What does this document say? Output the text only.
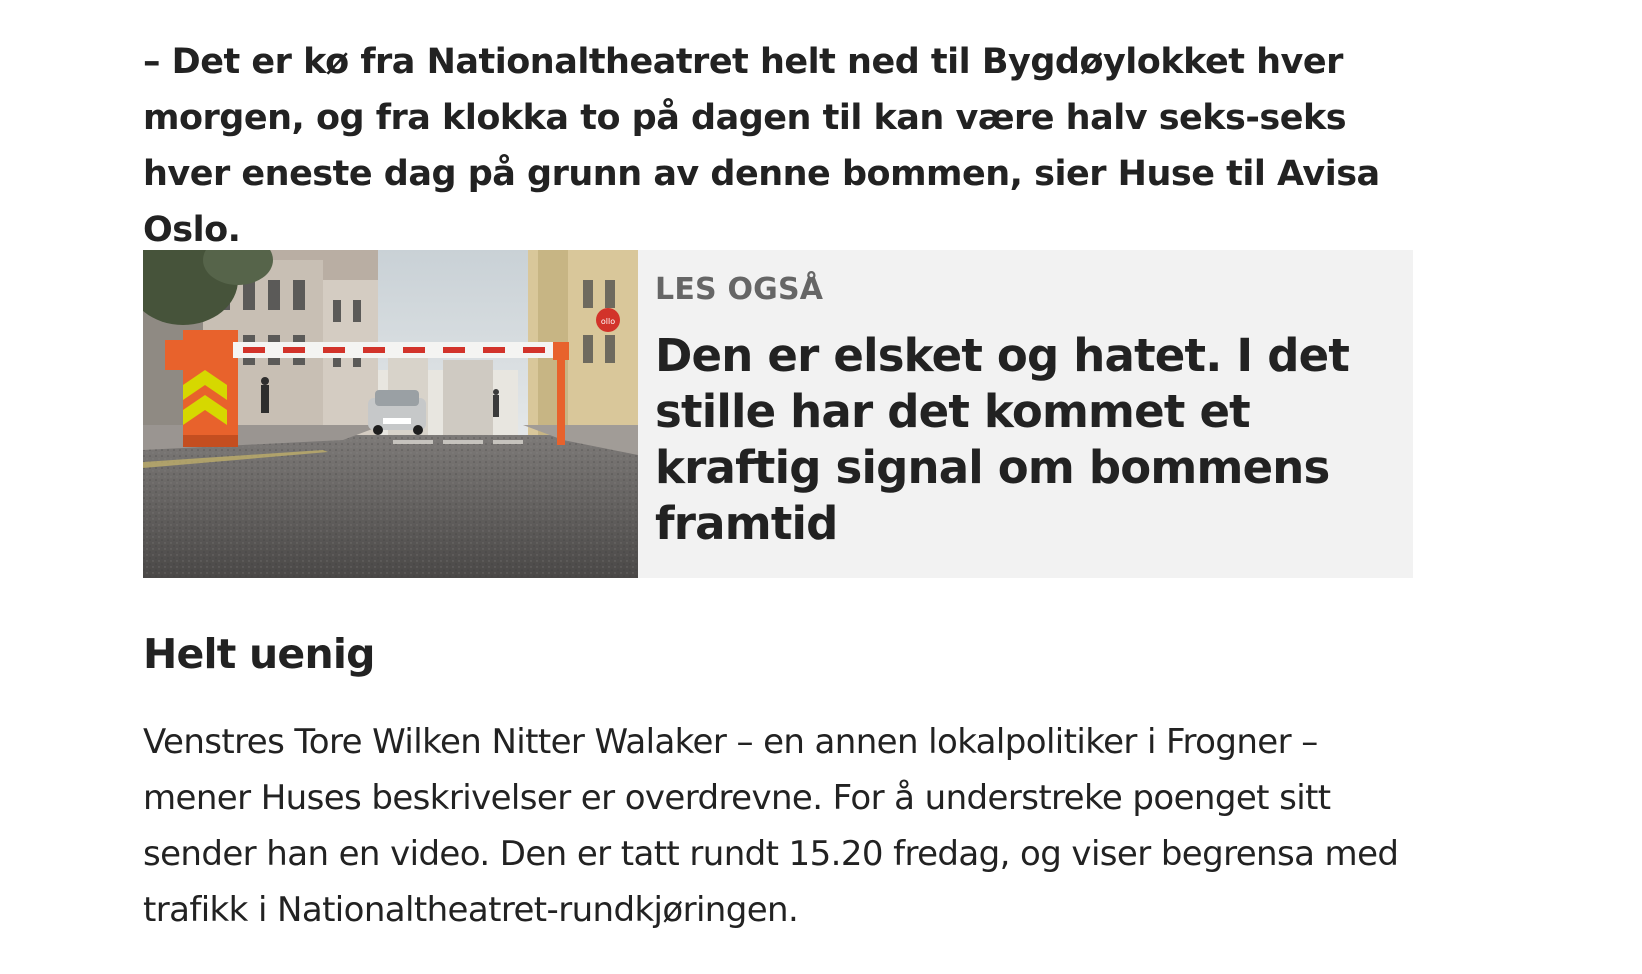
– Det er kø fra Nationaltheatret helt ned til Bygdøylokket hver morgen, og fra klokka to på dagen til kan være halv seks-seks hver eneste dag på grunn av denne bommen, sier Huse til Avisa Oslo.

ollo
LES OGSÅ
Den er elsket og hatet. I det stille har det kommet et kraftig signal om bommens framtid
Helt uenig

Venstres Tore Wilken Nitter Walaker – en annen lokalpolitiker i Frogner – mener Huses beskrivelser er overdrevne. For å understreke poenget sitt sender han en video. Den er tatt rundt 15.20 fredag, og viser begrensa med trafikk i Nationaltheatret-rundkjøringen.
